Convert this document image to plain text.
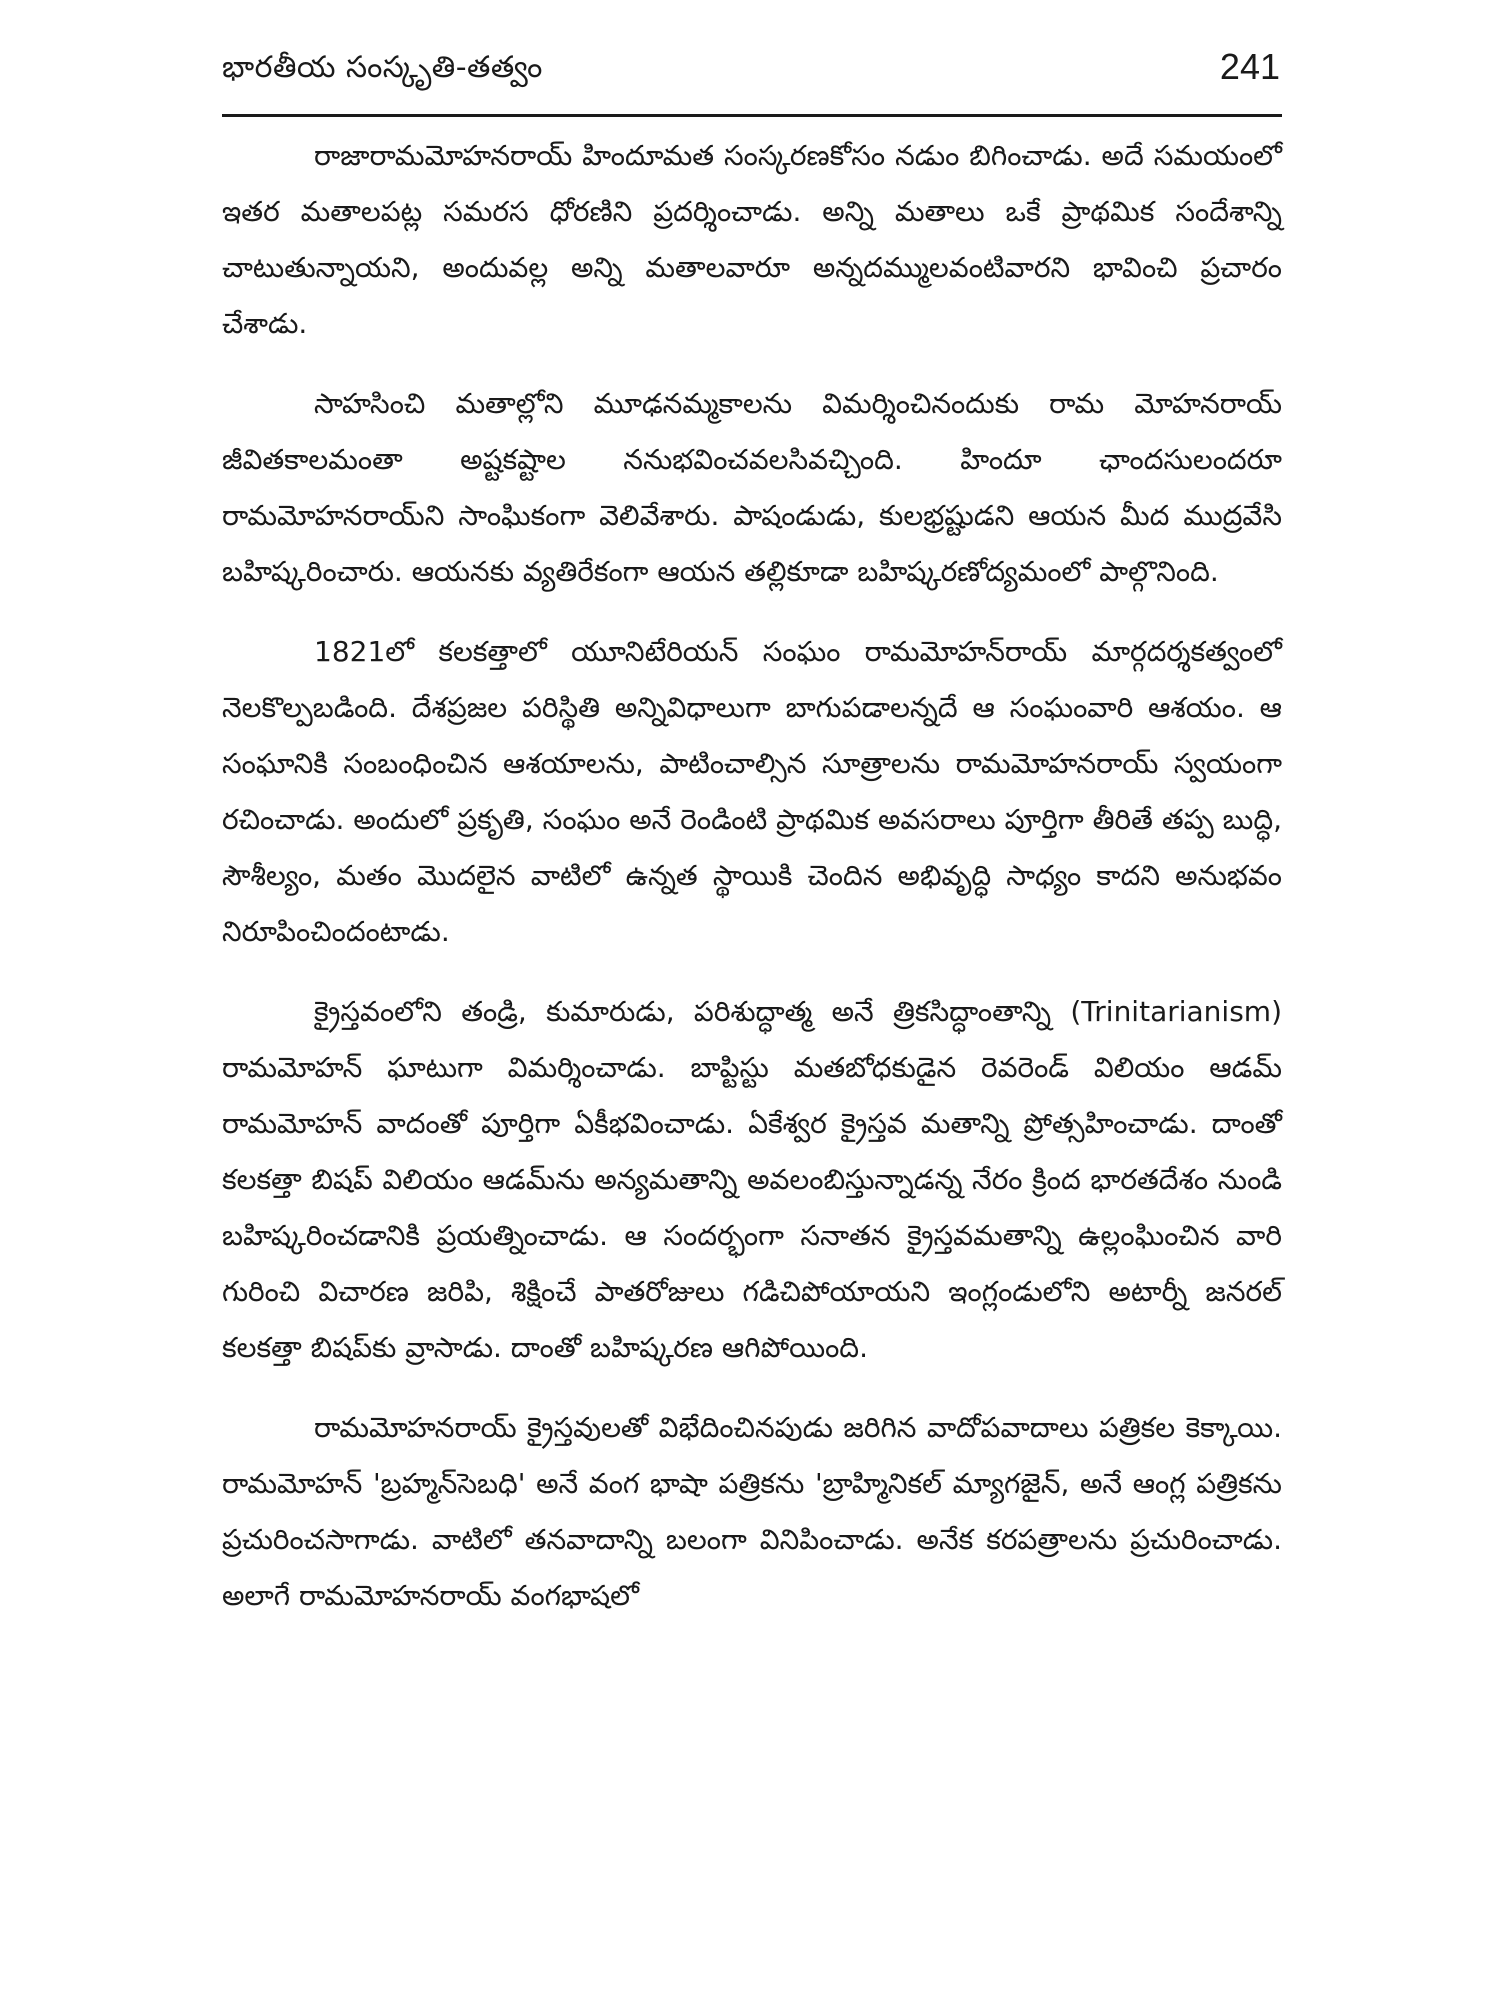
భారతీయ సంస్కృతి-తత్వం	241

రాజారామమోహనరాయ్ హిందూమత సంస్కరణకోసం నడుం బిగించాడు. అదే సమయంలో ఇతర మతాలపట్ల సమరస ధోరణిని ప్రదర్శించాడు. అన్ని మతాలు ఒకే ప్రాథమిక సందేశాన్ని చాటుతున్నాయని, అందువల్ల అన్ని మతాలవారూ అన్నదమ్ములవంటివారని భావించి ప్రచారం చేశాడు.

సాహసించి మతాల్లోని మూఢనమ్మకాలను విమర్శించినందుకు రామ మోహనరాయ్ జీవితకాలమంతా అష్టకష్టాల ననుభవించవలసివచ్చింది. హిందూ ఛాందసులందరూ రామమోహనరాయ్‌ని సాంఘికంగా వెలివేశారు. పాషండుడు, కులభ్రష్టుడని ఆయన మీద ముద్రవేసి బహిష్కరించారు. ఆయనకు వ్యతిరేకంగా ఆయన తల్లికూడా బహిష్కరణోద్యమంలో పాల్గొనింది.

1821లో కలకత్తాలో యూనిటేరియన్ సంఘం రామమోహన్‌రాయ్ మార్గదర్శకత్వంలో నెలకొల్పబడింది. దేశప్రజల పరిస్థితి అన్నివిధాలుగా బాగుపడాలన్నదే ఆ సంఘంవారి ఆశయం. ఆ సంఘానికి సంబంధించిన ఆశయాలను, పాటించాల్సిన సూత్రాలను రామమోహనరాయ్ స్వయంగా రచించాడు. అందులో ప్రకృతి, సంఘం అనే రెండింటి ప్రాథమిక అవసరాలు పూర్తిగా తీరితే తప్ప బుద్ధి, సౌశీల్యం, మతం మొదలైన వాటిలో ఉన్నత స్థాయికి చెందిన అభివృద్ధి సాధ్యం కాదని అనుభవం నిరూపించిందంటాడు.

క్రైస్తవంలోని తండ్రి, కుమారుడు, పరిశుద్ధాత్మ అనే త్రికసిద్ధాంతాన్ని (Trinitarianism) రామమోహన్ ఘాటుగా విమర్శించాడు. బాప్టిస్టు మతబోధకుడైన రెవరెండ్ విలియం ఆడమ్ రామమోహన్ వాదంతో పూర్తిగా ఏకీభవించాడు. ఏకేశ్వర క్రైస్తవ మతాన్ని ప్రోత్సహించాడు. దాంతో కలకత్తా బిషప్ విలియం ఆడమ్‌ను అన్యమతాన్ని అవలంబిస్తున్నాడన్న నేరం క్రింద భారతదేశం నుండి బహిష్కరించడానికి ప్రయత్నించాడు. ఆ సందర్భంగా సనాతన క్రైస్తవమతాన్ని ఉల్లంఘించిన వారి గురించి విచారణ జరిపి, శిక్షించే పాతరోజులు గడిచిపోయాయని ఇంగ్లండులోని అటార్నీ జనరల్ కలకత్తా బిషప్‌కు వ్రాసాడు. దాంతో బహిష్కరణ ఆగిపోయింది.

రామమోహనరాయ్ క్రైస్తవులతో విభేదించినపుడు జరిగిన వాదోపవాదాలు పత్రికల కెక్కాయి. రామమోహన్ 'బ్రహ్మన్‌సెబధి' అనే వంగ భాషా పత్రికను 'బ్రాహ్మినికల్ మ్యాగజైన్, అనే ఆంగ్ల పత్రికను ప్రచురించసాగాడు. వాటిలో తనవాదాన్ని బలంగా వినిపించాడు. అనేక కరపత్రాలను ప్రచురించాడు. అలాగే రామమోహనరాయ్ వంగభాషలో
